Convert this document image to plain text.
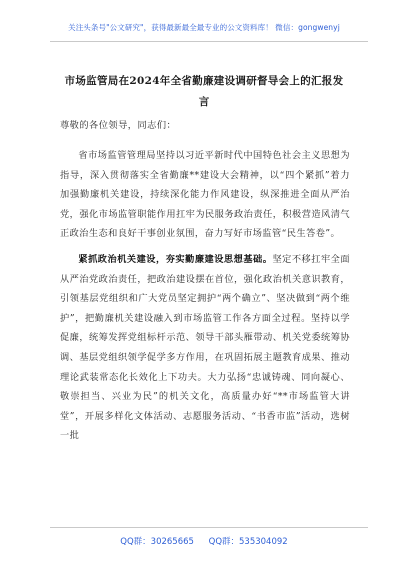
关注头条号"公文研究"，获得最新最全最专业的公文资料库！ 微信：gongwenyj
市场监管局在2024年全省勤廉建设调研督导会上的汇报发
言

尊敬的各位领导，同志们：

省市场监管管理局坚持以习近平新时代中国特色社会主义思想为指导，深入贯彻落实全省勤廉**建设大会精神，以“四个紧抓”着力加强勤廉机关建设，持续深化能力作风建设，纵深推进全面从严治党，强化市场监管职能作用扛牢为民服务政治责任，积极营造风清气正政治生态和良好干事创业氛围，奋力写好市场监管“民生答卷”。

紧抓政治机关建设，夯实勤廉建设思想基础。坚定不移扛牢全面从严治党政治责任，把政治建设摆在首位，强化政治机关意识教育，引领基层党组织和广大党员坚定拥护“两个确立”、坚决做到“两个维护”，把勤廉机关建设融入到市场监管工作各方面全过程。坚持以学促廉，统筹发挥党组标杆示范、领导干部头雁带动、机关党委统筹协调、基层党组织领学促学多方作用，在巩固拓展主题教育成果、推动理论武装常态化长效化上下功夫。大力弘扬“忠诚铸魂、同向凝心、敬崇担当、兴业为民”的机关文化，高质量办好“**市场监管大讲堂”，开展多样化文体活动、志愿服务活动、“书香市监”活动，选树一批

QQ群：30265665 QQ群：535304092
